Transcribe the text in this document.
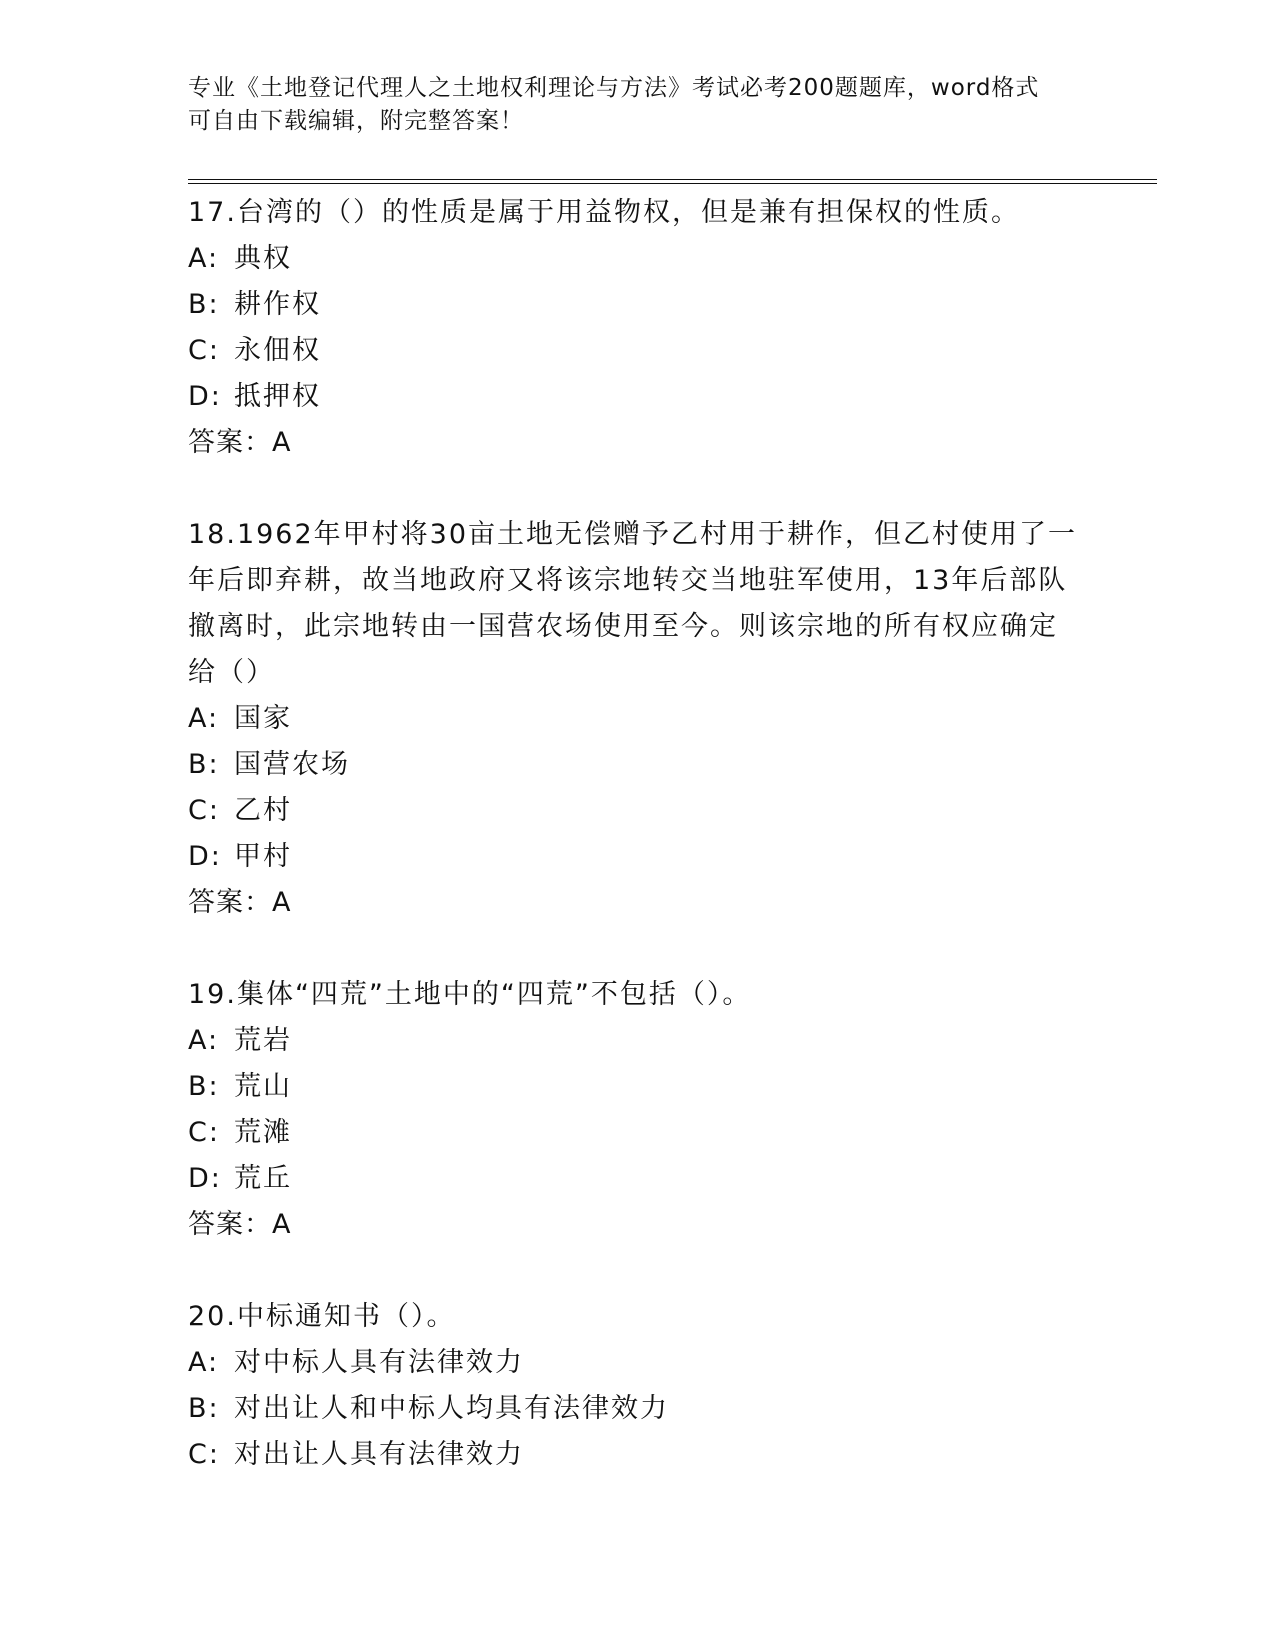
专业《土地登记代理人之土地权利理论与方法》考试必考200题题库，word格式
可自由下载编辑，附完整答案！
17.台湾的（）的性质是属于用益物权，但是兼有担保权的性质。
A: 典权
B: 耕作权
C: 永佃权
D: 抵押权
答案：A
18.1962年甲村将30亩土地无偿赠予乙村用于耕作，但乙村使用了一
年后即弃耕，故当地政府又将该宗地转交当地驻军使用，13年后部队
撤离时，此宗地转由一国营农场使用至今。则该宗地的所有权应确定
给（）
A: 国家
B: 国营农场
C: 乙村
D: 甲村
答案：A
19.集体“四荒”土地中的“四荒”不包括（）。
A: 荒岩
B: 荒山
C: 荒滩
D: 荒丘
答案：A
20.中标通知书（）。
A: 对中标人具有法律效力
B: 对出让人和中标人均具有法律效力
C: 对出让人具有法律效力
